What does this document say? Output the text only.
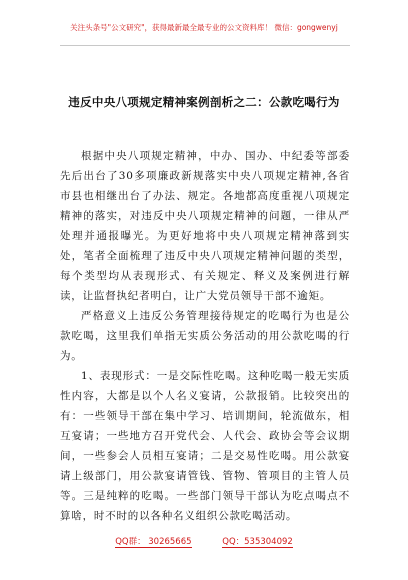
关注头条号"公文研究"，获得最新最全最专业的公文资料库！ 微信：gongwenyj
违反中央八项规定精神案例剖析之二：公款吃喝行为

根据中央八项规定精神，中办、国办、中纪委等部委先后出台了30多项廉政新规落实中央八项规定精神,各省市县也相继出台了办法、规定。各地都高度重视八项规定精神的落实，对违反中央八项规定精神的问题，一律从严处理并通报曝光。为更好地将中央八项规定精神落到实处，笔者全面梳理了违反中央八项规定精神问题的类型，每个类型均从表现形式、有关规定、释义及案例进行解读，让监督执纪者明白，让广大党员领导干部不逾矩。

严格意义上违反公务管理接待规定的吃喝行为也是公款吃喝，这里我们单指无实质公务活动的用公款吃喝的行为。

1、表现形式：一是交际性吃喝。这种吃喝一般无实质性内容，大都是以个人名义宴请，公款报销。比较突出的有：一些领导干部在集中学习、培训期间，轮流做东，相互宴请；一些地方召开党代会、人代会、政协会等会议期间，一些参会人员相互宴请；二是交易性吃喝。用公款宴请上级部门，用公款宴请管钱、管物、管项目的主管人员等。三是纯粹的吃喝。一些部门领导干部认为吃点喝点不算啥，时不时的以各种名义组织公款吃喝活动。

QQ群： 30265665	QQ：535304092
